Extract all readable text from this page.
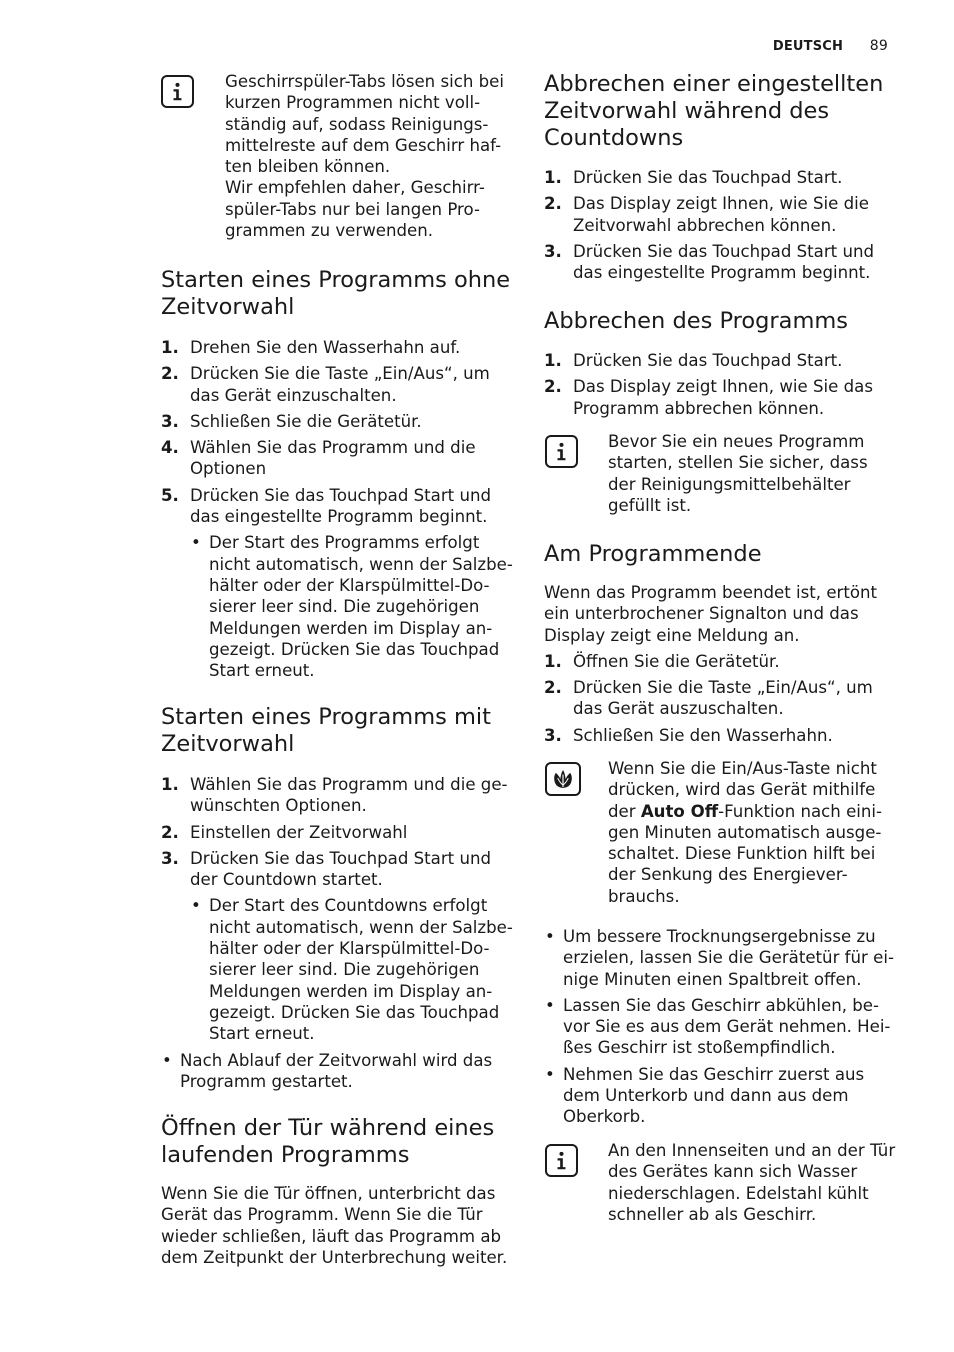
DEUTSCH 89

Geschirrspüler-Tabs lösen sich bei kurzen Programmen nicht voll-ständig auf, sodass Reinigungs-mittelreste auf dem Geschirr haf-ten bleiben können.

Wir empfehlen daher, Geschirr-spüler-Tabs nur bei langen Pro-grammen zu verwenden.

Starten eines Programms ohne Zeitvorwahl
1. Drehen Sie den Wasserhahn auf.
2. Drücken Sie die Taste „Ein/Aus“, um das Gerät einzuschalten.
3. Schließen Sie die Gerätetür.
4. Wählen Sie das Programm und die Optionen
5. Drücken Sie das Touchpad Start und das eingestellte Programm beginnt.
• Der Start des Programms erfolgt nicht automatisch, wenn der Salzbe-hälter oder der Klarspülmittel-Do-sierer leer sind. Die zugehörigen Meldungen werden im Display an-gezeigt. Drücken Sie das Touchpad Start erneut.
Starten eines Programms mit Zeitvorwahl
1. Wählen Sie das Programm und die ge-wünschten Optionen.
2. Einstellen der Zeitvorwahl
3. Drücken Sie das Touchpad Start und der Countdown startet.
• Der Start des Countdowns erfolgt nicht automatisch, wenn der Salzbe-hälter oder der Klarspülmittel-Do-sierer leer sind. Die zugehörigen Meldungen werden im Display an-gezeigt. Drücken Sie das Touchpad Start erneut.
• Nach Ablauf der Zeitvorwahl wird das Programm gestartet.
Öffnen der Tür während eines laufenden Programms

Wenn Sie die Tür öffnen, unterbricht das Gerät das Programm. Wenn Sie die Tür wieder schließen, läuft das Programm ab dem Zeitpunkt der Unterbrechung weiter.

Abbrechen einer eingestellten Zeitvorwahl während des Countdowns
1. Drücken Sie das Touchpad Start.
2. Das Display zeigt Ihnen, wie Sie die Zeitvorwahl abbrechen können.
3. Drücken Sie das Touchpad Start und das eingestellte Programm beginnt.
Abbrechen des Programms
1. Drücken Sie das Touchpad Start.
2. Das Display zeigt Ihnen, wie Sie das Programm abbrechen können.

Bevor Sie ein neues Programm starten, stellen Sie sicher, dass der Reinigungsmittelbehälter gefüllt ist.

Am Programmende

Wenn das Programm beendet ist, ertönt ein unterbrochener Signalton und das Display zeigt eine Meldung an.

1. Öffnen Sie die Gerätetür.
2. Drücken Sie die Taste „Ein/Aus“, um das Gerät auszuschalten.
3. Schließen Sie den Wasserhahn.

Wenn Sie die Ein/Aus-Taste nicht drücken, wird das Gerät mithilfe der Auto Off-Funktion nach eini-gen Minuten automatisch ausge-schaltet. Diese Funktion hilft bei der Senkung des Energiever-brauchs.

• Um bessere Trocknungsergebnisse zu erzielen, lassen Sie die Gerätetür für ei-nige Minuten einen Spaltbreit offen.
• Lassen Sie das Geschirr abkühlen, be-vor Sie es aus dem Gerät nehmen. Hei-ßes Geschirr ist stoßempfindlich.
• Nehmen Sie das Geschirr zuerst aus dem Unterkorb und dann aus dem Oberkorb.

An den Innenseiten und an der Tür des Gerätes kann sich Wasser niederschlagen. Edelstahl kühlt schneller ab als Geschirr.
